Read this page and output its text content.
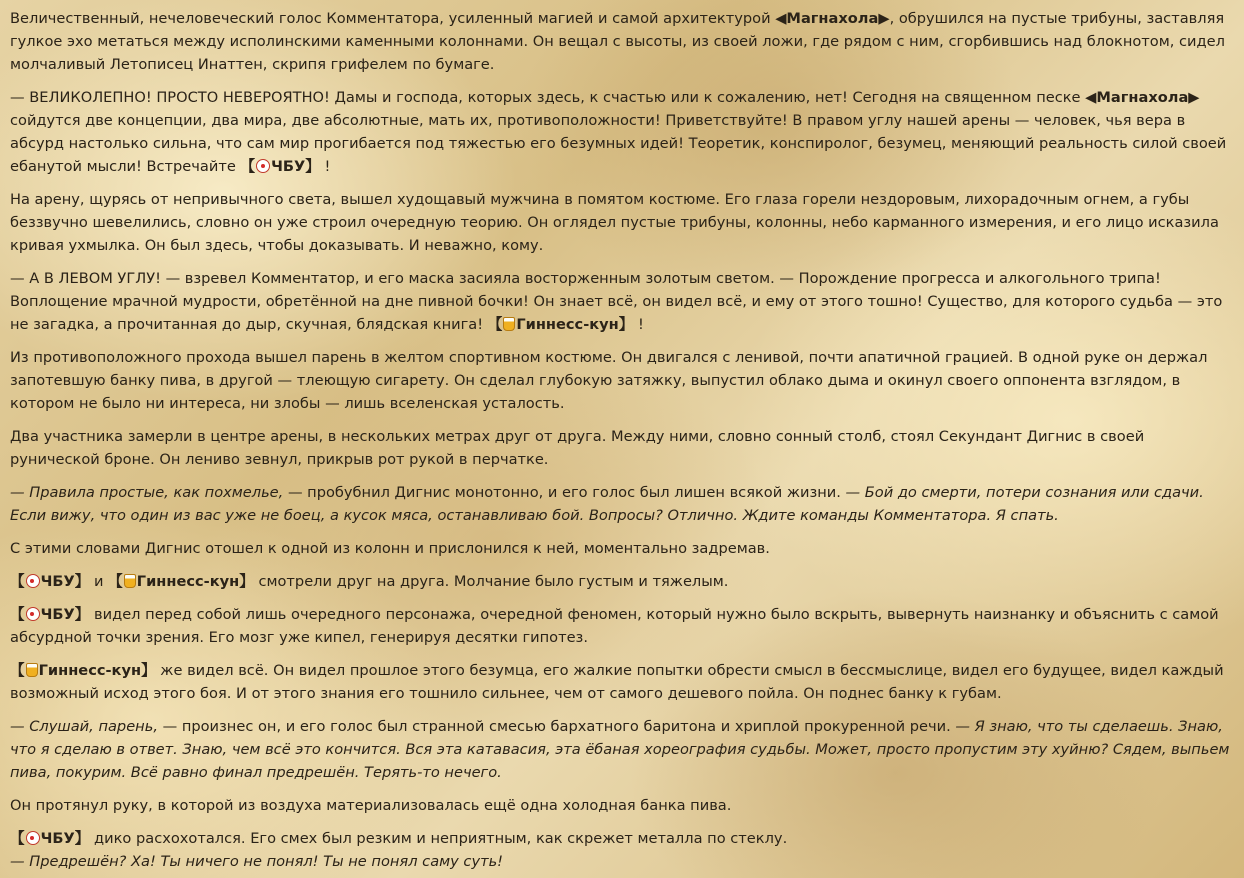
Величественный, нечеловеческий голос Комментатора, усиленный магией и самой архитектурой ◀Магнахола▶, обрушился на пустые трибуны, заставляя гулкое эхо метаться между исполинскими каменными колоннами. Он вещал с высоты, из своей ложи, где рядом с ним, сгорбившись над блокнотом, сидел молчаливый Летописец Инаттен, скрипя грифелем по бумаге.

— ВЕЛИКОЛЕПНО! ПРОСТО НЕВЕРОЯТНО! Дамы и господа, которых здесь, к счастью или к сожалению, нет! Сегодня на священном песке ◀Магнахола▶ сойдутся две концепции, два мира, две абсолютные, мать их, противоположности! Приветствуйте! В правом углу нашей арены — человек, чья вера в абсурд настолько сильна, что сам мир прогибается под тяжестью его безумных идей! Теоретик, конспиролог, безумец, меняющий реальность силой своей ебанутой мысли! Встречайте 【 ЧБУ】 !

На арену, щурясь от непривычного света, вышел худощавый мужчина в помятом костюме. Его глаза горели нездоровым, лихорадочным огнем, а губы беззвучно шевелились, словно он уже строил очередную теорию. Он оглядел пустые трибуны, колонны, небо карманного измерения, и его лицо исказила кривая ухмылка. Он был здесь, чтобы доказывать. И неважно, кому.

— А В ЛЕВОМ УГЛУ! — взревел Комментатор, и его маска засияла восторженным золотым светом. — Порождение прогресса и алкогольного трипа! Воплощение мрачной мудрости, обретённой на дне пивной бочки! Он знает всё, он видел всё, и ему от этого тошно! Существо, для которого судьба — это не загадка, а прочитанная до дыр, скучная, блядская книга! 【 Гиннесс-кун】 !

Из противоположного прохода вышел парень в желтом спортивном костюме. Он двигался с ленивой, почти апатичной грацией. В одной руке он держал запотевшую банку пива, в другой — тлеющую сигарету. Он сделал глубокую затяжку, выпустил облако дыма и окинул своего оппонента взглядом, в котором не было ни интереса, ни злобы — лишь вселенская усталость.

Два участника замерли в центре арены, в нескольких метрах друг от друга. Между ними, словно сонный столб, стоял Секундант Дигнис в своей рунической броне. Он лениво зевнул, прикрыв рот рукой в перчатке.

— Правила простые, как похмелье, — пробубнил Дигнис монотонно, и его голос был лишен всякой жизни. — Бой до смерти, потери сознания или сдачи. Если вижу, что один из вас уже не боец, а кусок мяса, останавливаю бой. Вопросы? Отлично. Ждите команды Комментатора. Я спать.

С этими словами Дигнис отошел к одной из колонн и прислонился к ней, моментально задремав.

【 ЧБУ】 и 【 Гиннесс-кун】 смотрели друг на друга. Молчание было густым и тяжелым.

【 ЧБУ】 видел перед собой лишь очередного персонажа, очередной феномен, который нужно было вскрыть, вывернуть наизнанку и объяснить с самой абсурдной точки зрения. Его мозг уже кипел, генерируя десятки гипотез.

【 Гиннесс-кун】 же видел всё. Он видел прошлое этого безумца, его жалкие попытки обрести смысл в бессмыслице, видел его будущее, видел каждый возможный исход этого боя. И от этого знания его тошнило сильнее, чем от самого дешевого пойла. Он поднес банку к губам.

— Слушай, парень, — произнес он, и его голос был странной смесью бархатного баритона и хриплой прокуренной речи. — Я знаю, что ты сделаешь. Знаю, что я сделаю в ответ. Знаю, чем всё это кончится. Вся эта катавасия, эта ёбаная хореография судьбы. Может, просто пропустим эту хуйню? Сядем, выпьем пива, покурим. Всё равно финал предрешён. Терять-то нечего.

Он протянул руку, в которой из воздуха материализовалась ещё одна холодная банка пива.

【 ЧБУ】 дико расхохотался. Его смех был резким и неприятным, как скрежет металла по стеклу.

— Предрешён? Ха! Ты ничего не понял! Ты не понял саму суть!
